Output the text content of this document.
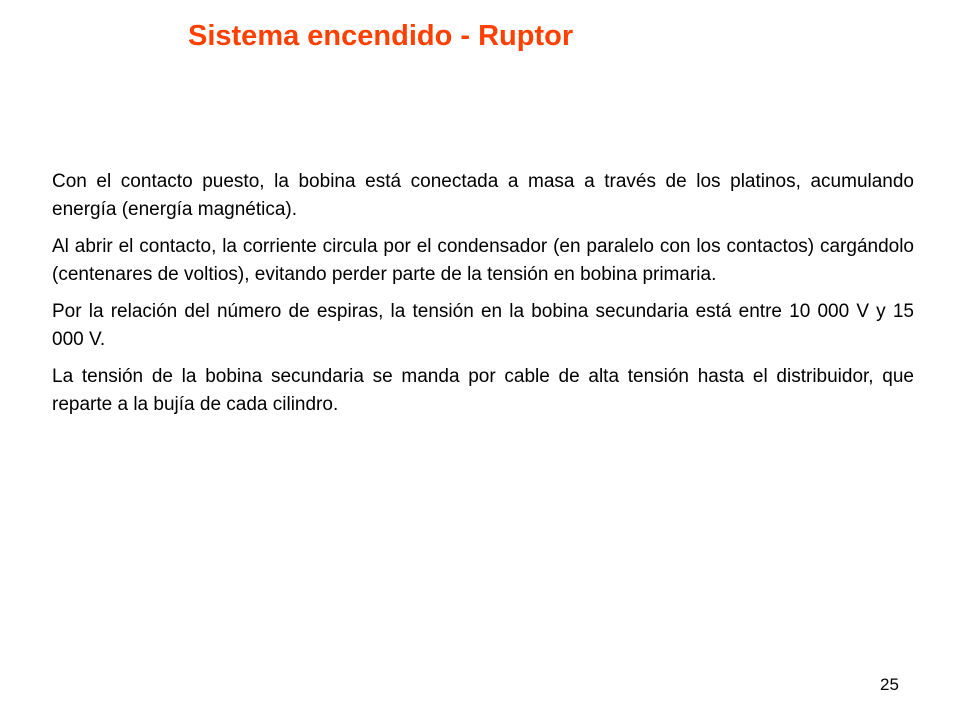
Sistema encendido - Ruptor

Con el contacto puesto, la bobina está conectada a masa a través de los platinos, acumulando energía (energía magnética).

Al abrir el contacto, la corriente circula por el condensador (en paralelo con los contactos) cargándolo (centenares de voltios), evitando perder parte de la tensión en bobina primaria.

Por la relación del número de espiras, la tensión en la bobina secundaria está entre 10 000 V y 15 000 V.

La tensión de la bobina secundaria se manda por cable de alta tensión hasta el distribuidor, que reparte a la bujía de cada cilindro.

25
